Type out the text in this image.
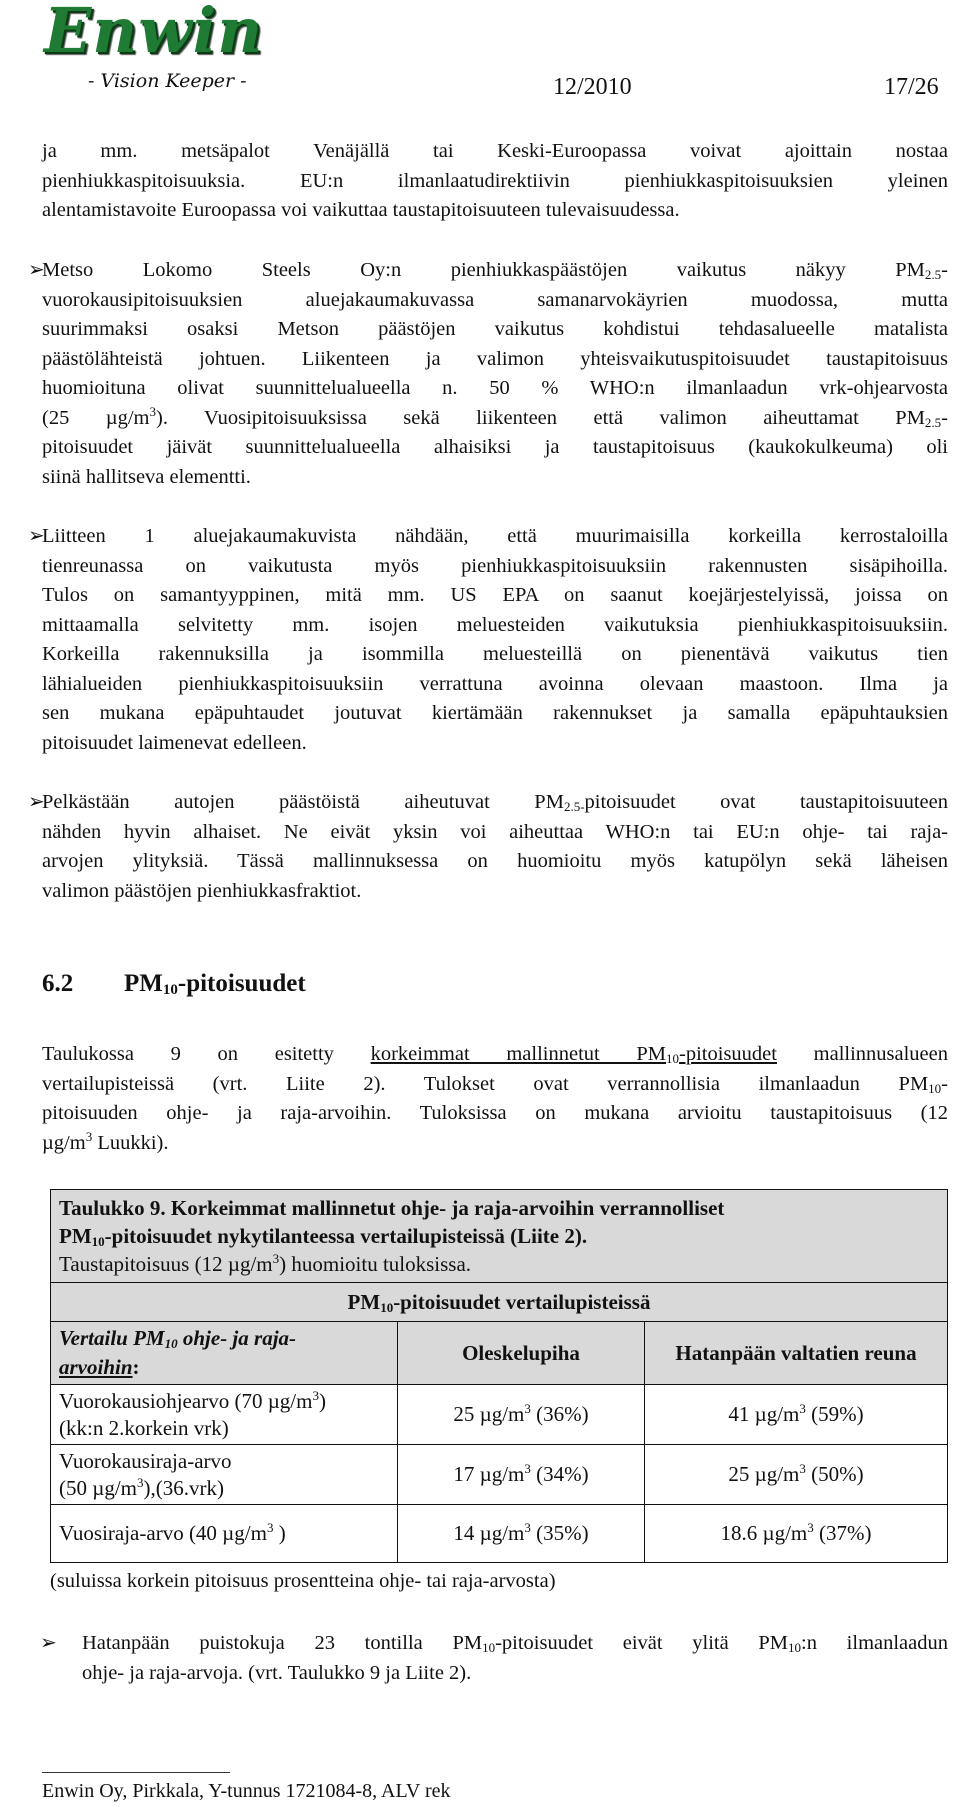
Enwin
- Vision Keeper -	12/2010	17/26
ja mm. metsäpalot Venäjällä tai Keski-Euroopassa voivat ajoittain nostaa
pienhiukkaspitoisuuksia. EU:n ilmanlaatudirektiivin pienhiukkaspitoisuuksien yleinen
alentamistavoite Euroopassa voi vaikuttaa taustapitoisuuteen tulevaisuudessa.
➢
Metso Lokomo Steels Oy:n pienhiukkaspäästöjen vaikutus näkyy $PM_{2.5}-$
vuorokausipitoisuuksien aluejakaumakuvassa samanarvokäyrien muodossa, mutta
suurimmaksi osaksi Metson päästöjen vaikutus kohdistui tehdasalueelle matalista
päästölähteistä johtuen. Liikenteen ja valimon yhteisvaikutuspitoisuudet taustapitoisuus
huomioituna olivat suunnittelualueella n. 50 % WHO:n ilmanlaadun vrk-ohjearvosta
(25 $\mu g/m^3$). Vuosipitoisuuksissa sekä liikenteen että valimon aiheuttamat $PM_{2.5}-$
pitoisuudet jäivät suunnittelualueella alhaisiksi ja taustapitoisuus (kaukokulkeuma) oli
siinä hallitseva elementti.
➢
Liitteen 1 aluejakaumakuvista nähdään, että muurimaisilla korkeilla kerrostaloilla
tienreunassa on vaikutusta myös pienhiukkaspitoisuuksiin rakennusten sisäpihoilla.
Tulos on samantyyppinen, mitä mm. US EPA on saanut koejärjestelyissä, joissa on
mittaamalla selvitetty mm. isojen meluesteiden vaikutuksia pienhiukkaspitoisuuksiin.
Korkeilla rakennuksilla ja isommilla meluesteillä on pienentävä vaikutus tien
lähialueiden pienhiukkaspitoisuuksiin verrattuna avoinna olevaan maastoon. Ilma ja
sen mukana epäpuhtaudet joutuvat kiertämään rakennukset ja samalla epäpuhtauksien
pitoisuudet laimenevat edelleen.
➢
Pelkästään autojen päästöistä aiheutuvat $PM_{2.5-}pitoisuudet$ ovat taustapitoisuuteen
nähden hyvin alhaiset. Ne eivät yksin voi aiheuttaa WHO:n tai EU:n ohje- tai raja-
arvojen ylityksiä. Tässä mallinnuksessa on huomioitu myös katupölyn sekä läheisen
valimon päästöjen pienhiukkasfraktiot.
6.2 $PM_{10}$-pitoisuudet
Taulukossa 9 on esitetty korkeimmat mallinnetut $PM_{10}$-pitoisuudet mallinnusalueen
vertailupisteissä (vrt. Liite 2). Tulokset ovat verrannollisia ilmanlaadun $PM_{10}-$
pitoisuuden ohje- ja raja-arvoihin. Tuloksissa on mukana arvioitu taustapitoisuus (12
$\mu g/m^3$ Luukki).
Taulukko 9. Korkeimmat mallinnetut ohje- ja raja-arvoihin verrannolliset
$PM_{10}$-pitoisuudet nykytilanteessa vertailupisteissä (Liite 2).
Taustapitoisuus (12 $\mu g/m^3$) huomioitu tuloksissa.		
$PM_{10}$-pitoisuudet vertailupisteissä		
Vertailu $PM_{10}$ ohje- ja raja-
arvoihin:	Oleskelupiha	Hatanpään valtatien reuna
Vuorokausiohjearvo (70 $\mu g/m^3$)
(kk:n 2.korkein vrk)	25 $\mu g/m^3$ (36%)	41 $\mu g/m^3$ (59%)
Vuorokausiraja-arvo
(50 $\mu g/m^3),(36.vrk)$	17 $\mu g/m^3$ (34%)	25 $\mu g/m^3$ (50%)
Vuosiraja-arvo (40 $\mu g/m^3$ )	14 $\mu g/m^3$ (35%)	18.6 $\mu g/m^3$ (37%)
(suluissa korkein pitoisuus prosentteina ohje- tai raja-arvosta)
➢ Hatanpään puistokuja 23 tontilla $PM_{10}$-pitoisuudet eivät ylitä $PM_{10}:n$ ilmanlaadun
ohje- ja raja-arvoja. (vrt. Taulukko 9 ja Liite 2).
Enwin Oy, Pirkkala, Y-tunnus 1721084-8, ALV rek
